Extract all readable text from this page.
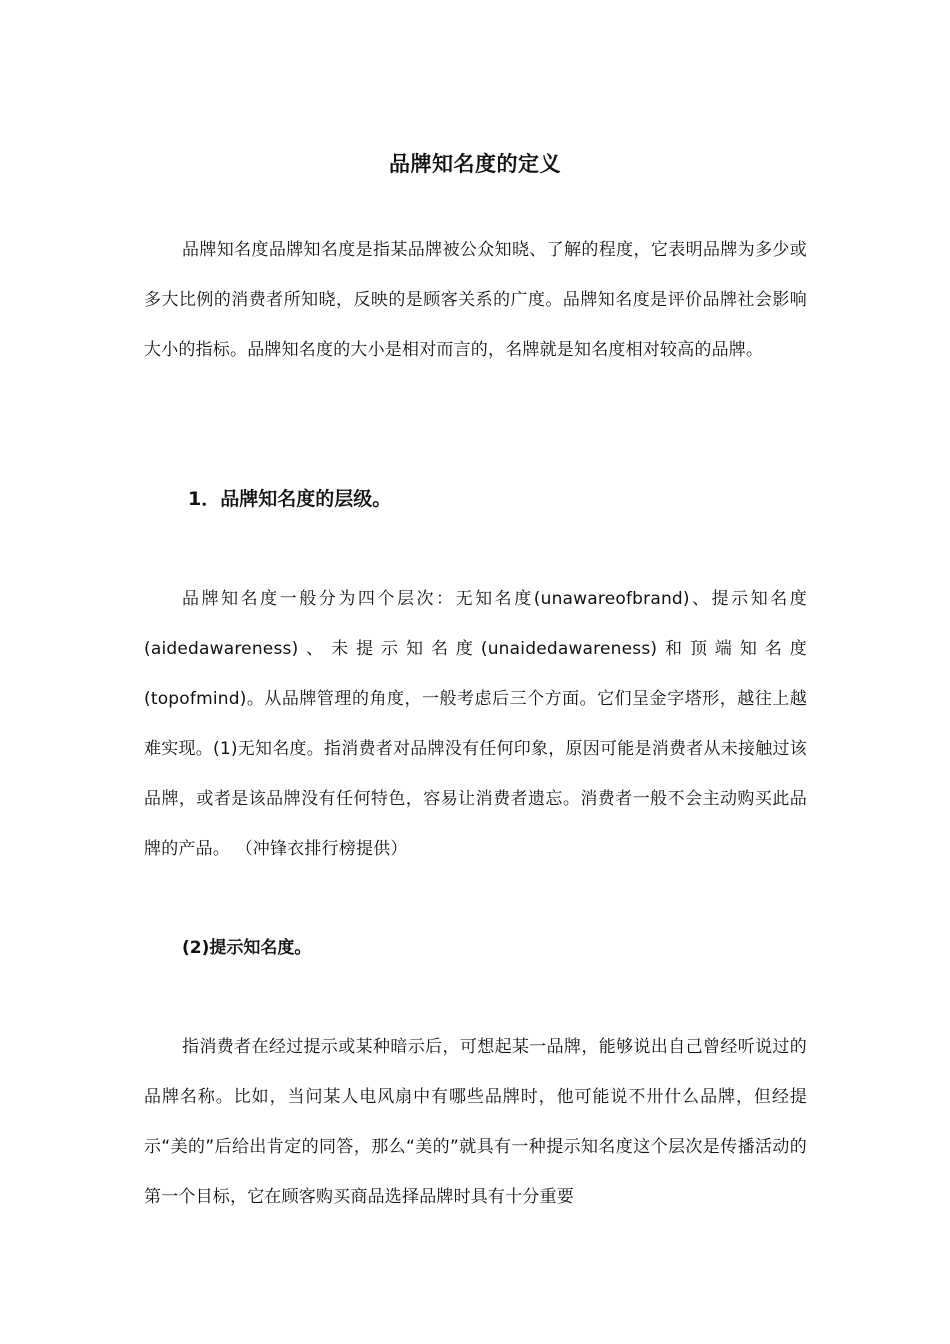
品牌知名度的定义

品牌知名度品牌知名度是指某品牌被公众知晓、了解的程度，它表明品牌为多少或多大比例的消费者所知晓，反映的是顾客关系的广度。品牌知名度是评价品牌社会影响大小的指标。品牌知名度的大小是相对而言的，名牌就是知名度相对较高的品牌。

1．品牌知名度的层级。

品牌知名度一般分为四个层次：无知名度(unawareofbrand)、提示知名度(aidedawareness)、未提示知名度(unaidedawareness)和顶端知名度(topofmind)。从品牌管理的角度，一般考虑后三个方面。它们呈金字塔形，越往上越难实现。(1)无知名度。指消费者对品牌没有任何印象，原因可能是消费者从未接触过该品牌，或者是该品牌没有任何特色，容易让消费者遗忘。消费者一般不会主动购买此品牌的产品。 （冲锋衣排行榜提供）

(2)提示知名度。

指消费者在经过提示或某种暗示后，可想起某一品牌，能够说出自己曾经听说过的品牌名称。比如，当问某人电风扇中有哪些品牌时，他可能说不卅什么品牌，但经提示“美的”后给出肯定的同答，那么“美的”就具有一种提示知名度这个层次是传播活动的第一个目标，它在顾客购买商品选择品牌时具有十分重要
